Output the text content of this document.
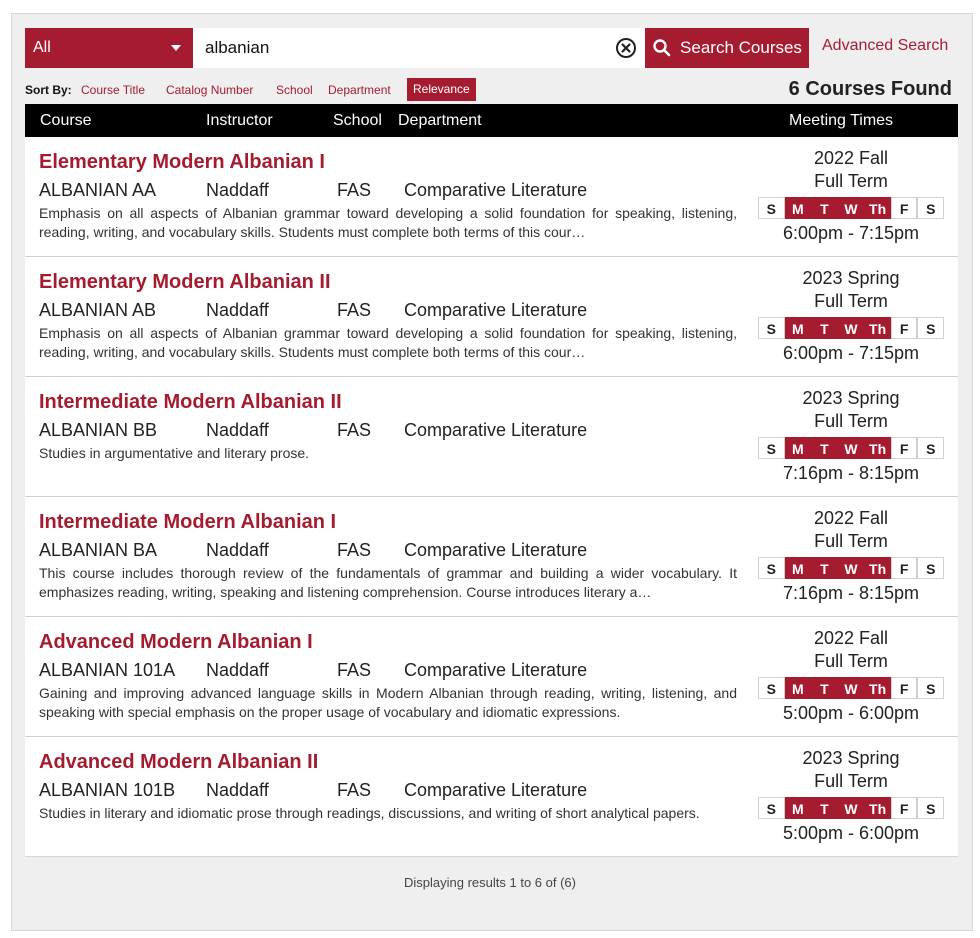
All
albanian	Search Courses Advanced Search
Sort By: Course Title Catalog Number School Department	Relevance	6 Courses Found
Course	Instructor	School Department	Meeting Times
Elementary Modern Albanian I
ALBANIAN AA	Naddaff	FAS Comparative Literature
Emphasis on all aspects of Albanian grammar toward developing a solid foundation for speaking, listening, reading, writing, and vocabulary skills. Students must complete both terms of this cour…
2022 Fall
Full Term
S	M	T	W Th F	S
6:00pm - 7:15pm
Elementary Modern Albanian II
ALBANIAN AB	Naddaff	FAS Comparative Literature
Emphasis on all aspects of Albanian grammar toward developing a solid foundation for speaking, listening, reading, writing, and vocabulary skills. Students must complete both terms of this cour…
2023 Spring
Full Term
S	M	T	W Th F	S
6:00pm - 7:15pm
Intermediate Modern Albanian II
ALBANIAN BB	Naddaff	FAS Comparative Literature
Studies in argumentative and literary prose.
2023 Spring
Full Term
S	M	T	W Th F	S
7:16pm - 8:15pm
Intermediate Modern Albanian I
ALBANIAN BA	Naddaff	FAS Comparative Literature
This course includes thorough review of the fundamentals of grammar and building a wider vocabulary. It emphasizes reading, writing, speaking and listening comprehension. Course introduces literary a…
2022 Fall
Full Term
S	M	T	W Th F	S
7:16pm - 8:15pm
Advanced Modern Albanian I
ALBANIAN 101A Naddaff	FAS Comparative Literature
Gaining and improving advanced language skills in Modern Albanian through reading, writing, listening, and speaking with special emphasis on the proper usage of vocabulary and idiomatic expressions.
2022 Fall
Full Term
S	M	T	W Th F	S
5:00pm - 6:00pm
Advanced Modern Albanian II
ALBANIAN 101B Naddaff	FAS Comparative Literature
Studies in literary and idiomatic prose through readings, discussions, and writing of short analytical papers.
2023 Spring
Full Term
S	M	T	W Th F	S
5:00pm - 6:00pm
Displaying results 1 to 6 of (6)
